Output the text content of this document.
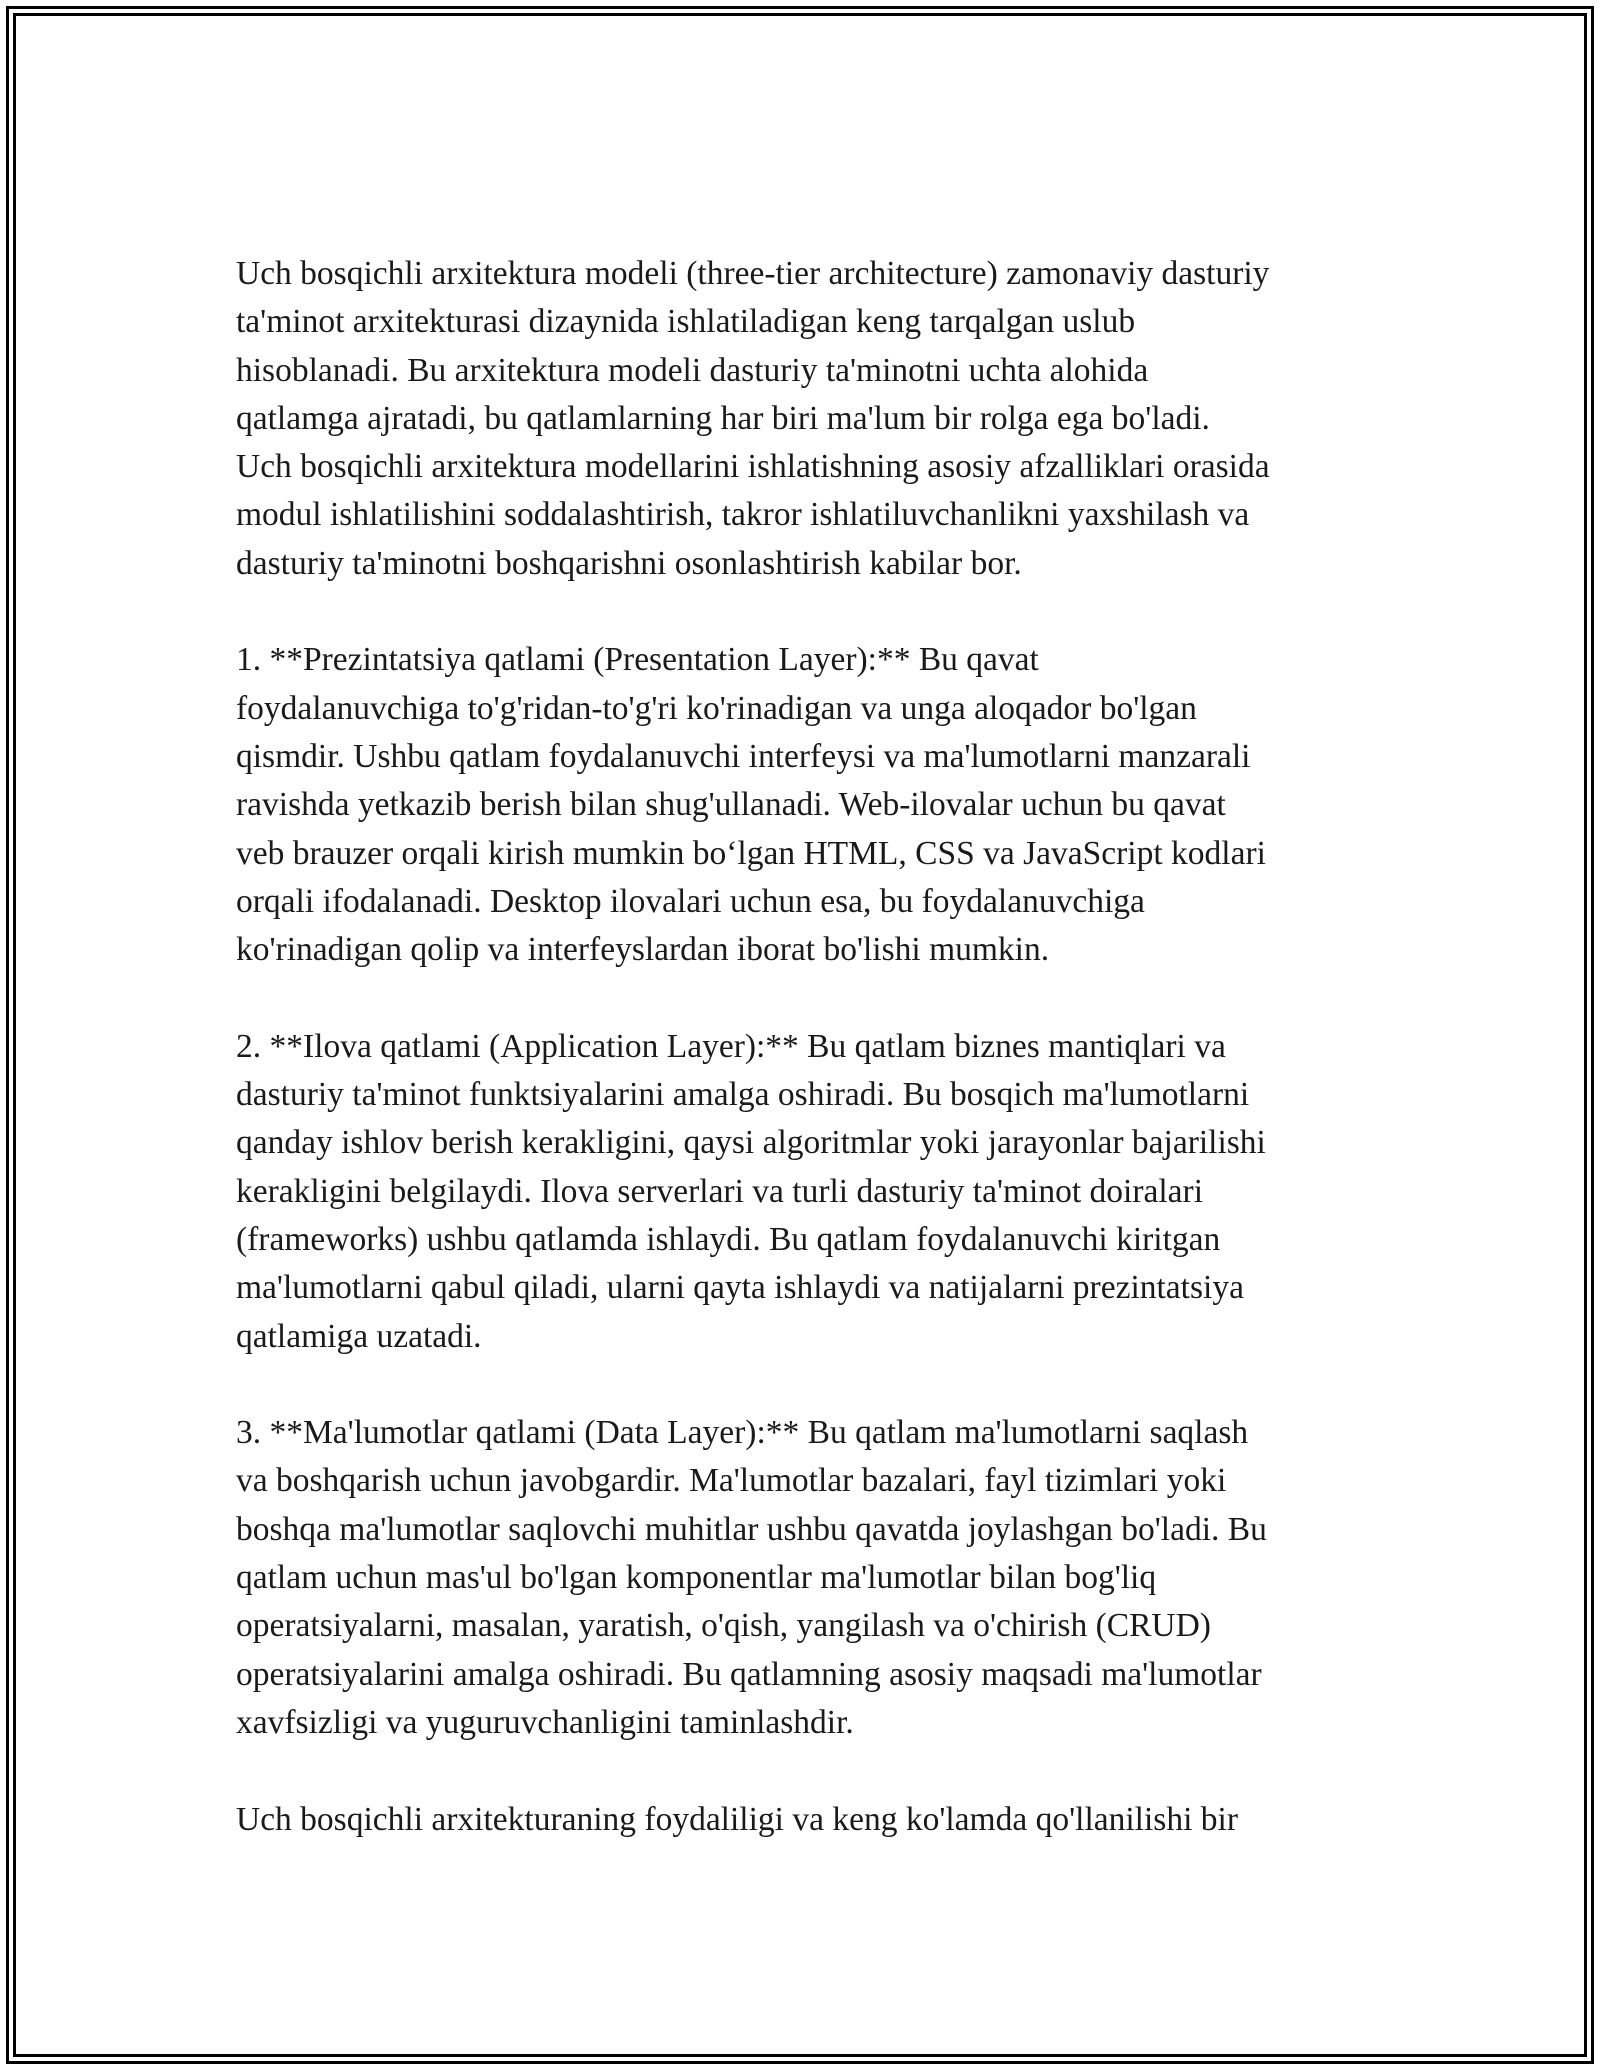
Uch bosqichli arxitektura modeli (three-tier architecture) zamonaviy dasturiy
ta'minot arxitekturasi dizaynida ishlatiladigan keng tarqalgan uslub
hisoblanadi. Bu arxitektura modeli dasturiy ta'minotni uchta alohida
qatlamga ajratadi, bu qatlamlarning har biri ma'lum bir rolga ega bo'ladi.
Uch bosqichli arxitektura modellarini ishlatishning asosiy afzalliklari orasida
modul ishlatilishini soddalashtirish, takror ishlatiluvchanlikni yaxshilash va
dasturiy ta'minotni boshqarishni osonlashtirish kabilar bor.
1. **Prezintatsiya qatlami (Presentation Layer):** Bu qavat
foydalanuvchiga to'g'ridan-to'g'ri ko'rinadigan va unga aloqador bo'lgan
qismdir. Ushbu qatlam foydalanuvchi interfeysi va ma'lumotlarni manzarali
ravishda yetkazib berish bilan shug'ullanadi. Web-ilovalar uchun bu qavat
veb brauzer orqali kirish mumkin boʻlgan HTML, CSS va JavaScript kodlari
orqali ifodalanadi. Desktop ilovalari uchun esa, bu foydalanuvchiga
ko'rinadigan qolip va interfeyslardan iborat bo'lishi mumkin.
2. **Ilova qatlami (Application Layer):** Bu qatlam biznes mantiqlari va
dasturiy ta'minot funktsiyalarini amalga oshiradi. Bu bosqich ma'lumotlarni
qanday ishlov berish kerakligini, qaysi algoritmlar yoki jarayonlar bajarilishi
kerakligini belgilaydi. Ilova serverlari va turli dasturiy ta'minot doiralari
(frameworks) ushbu qatlamda ishlaydi. Bu qatlam foydalanuvchi kiritgan
ma'lumotlarni qabul qiladi, ularni qayta ishlaydi va natijalarni prezintatsiya
qatlamiga uzatadi.
3. **Ma'lumotlar qatlami (Data Layer):** Bu qatlam ma'lumotlarni saqlash
va boshqarish uchun javobgardir. Ma'lumotlar bazalari, fayl tizimlari yoki
boshqa ma'lumotlar saqlovchi muhitlar ushbu qavatda joylashgan bo'ladi. Bu
qatlam uchun mas'ul bo'lgan komponentlar ma'lumotlar bilan bog'liq
operatsiyalarni, masalan, yaratish, o'qish, yangilash va o'chirish (CRUD)
operatsiyalarini amalga oshiradi. Bu qatlamning asosiy maqsadi ma'lumotlar
xavfsizligi va yuguruvchanligini taminlashdir.
Uch bosqichli arxitekturaning foydaliligi va keng ko'lamda qo'llanilishi bir
